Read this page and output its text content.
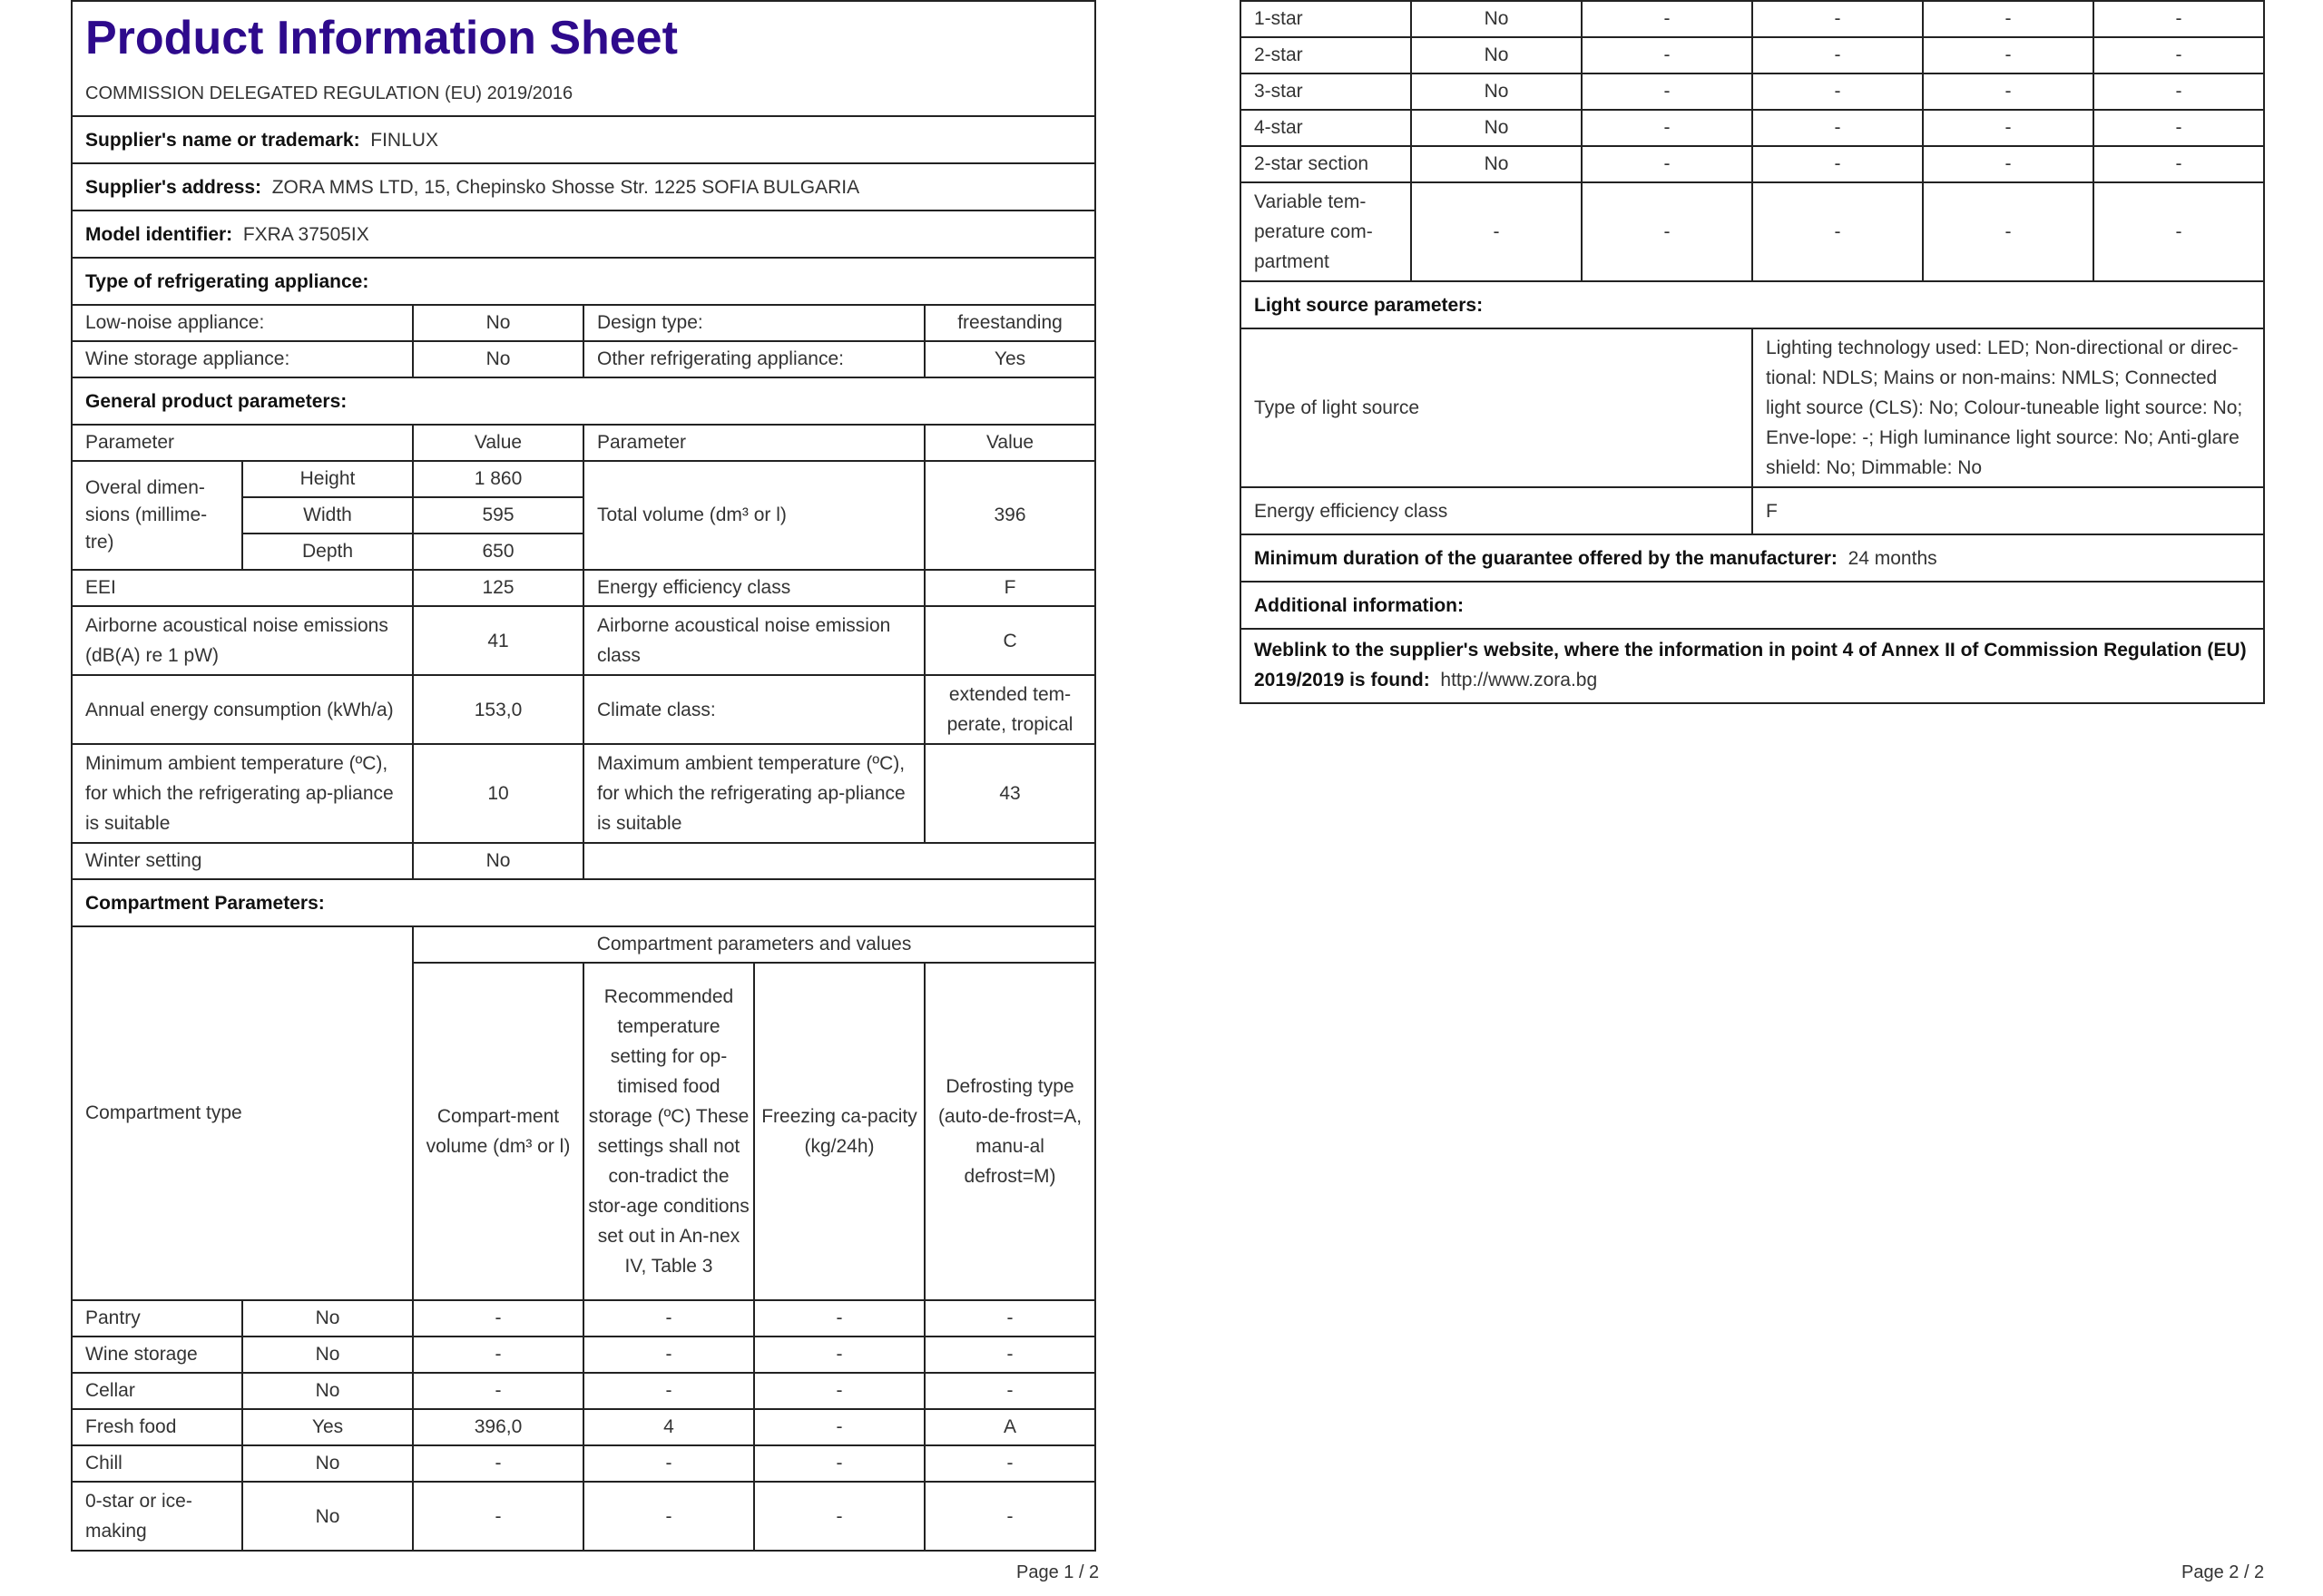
Product Information Sheet
COMMISSION DELEGATED REGULATION (EU) 2019/2016					

Supplier's name or trademark: FINLUX					
Supplier's address: ZORA MMS LTD, 15, Chepinsko Shosse Str. 1225 SOFIA BULGARIA					
Model identifier: FXRA 37505IX					
Type of refrigerating appliance:					
Low-noise appliance:		No	Design type:		freestanding
Wine storage appliance:		No	Other refrigerating appliance:		Yes
General product parameters:					
Parameter		Value	Parameter		Value
Overal dimen-sions (millime-tre)	Height	1 860	Total volume (dm³ or l)		396
	Width	595			
	Depth	650			
EEI		125	Energy efficiency class		F
Airborne acoustical noise emissions (dB(A) re 1 pW)		41	Airborne acoustical noise emission class		C
Annual energy consumption (kWh/a)		153,0	Climate class:		extended tem-perate, tropical
Minimum ambient temperature (ºC), for which the refrigerating ap-pliance is suitable		10	Maximum ambient temperature (ºC), for which the refrigerating ap-pliance is suitable		43
Winter setting		No			
Compartment Parameters:					
Compartment type		Compartment parameters and values			
		Compart-ment volume (dm³ or l)	Recommended temperature setting for op-timised food storage (ºC) These settings shall not con-tradict the stor-age conditions set out in An-nex IV, Table 3	Freezing ca-pacity (kg/24h)	Defrosting type (auto-de-frost=A, manu-al defrost=M)
Pantry	No	-	-	-	-
Wine storage	No	-	-	-	-
Cellar	No	-	-	-	-
Fresh food	Yes	396,0	4	-	A
Chill	No	-	-	-	-
0-star or ice-making	No	-	-	-	-
Page 1 / 2
1-star	No	-	-	-	-
2-star	No	-	-	-	-
3-star	No	-	-	-	-
4-star	No	-	-	-	-
2-star section	No	-	-	-	-
Variable tem-perature com-partment	-	-	-	-	-
Light source parameters:					
Type of light source			Lighting technology used: LED; Non-directional or direc-tional: NDLS; Mains or non-mains: NMLS; Connected light source (CLS): No; Colour-tuneable light source: No; Enve-lope: -; High luminance light source: No; Anti-glare shield: No; Dimmable: No		
Energy efficiency class			F		
Minimum duration of the guarantee offered by the manufacturer: 24 months					
Additional information:					
Weblink to the supplier's website, where the information in point 4 of Annex II of Commission Regulation (EU) 2019/2019 is found: http://www.zora.bg					
Page 2 / 2
